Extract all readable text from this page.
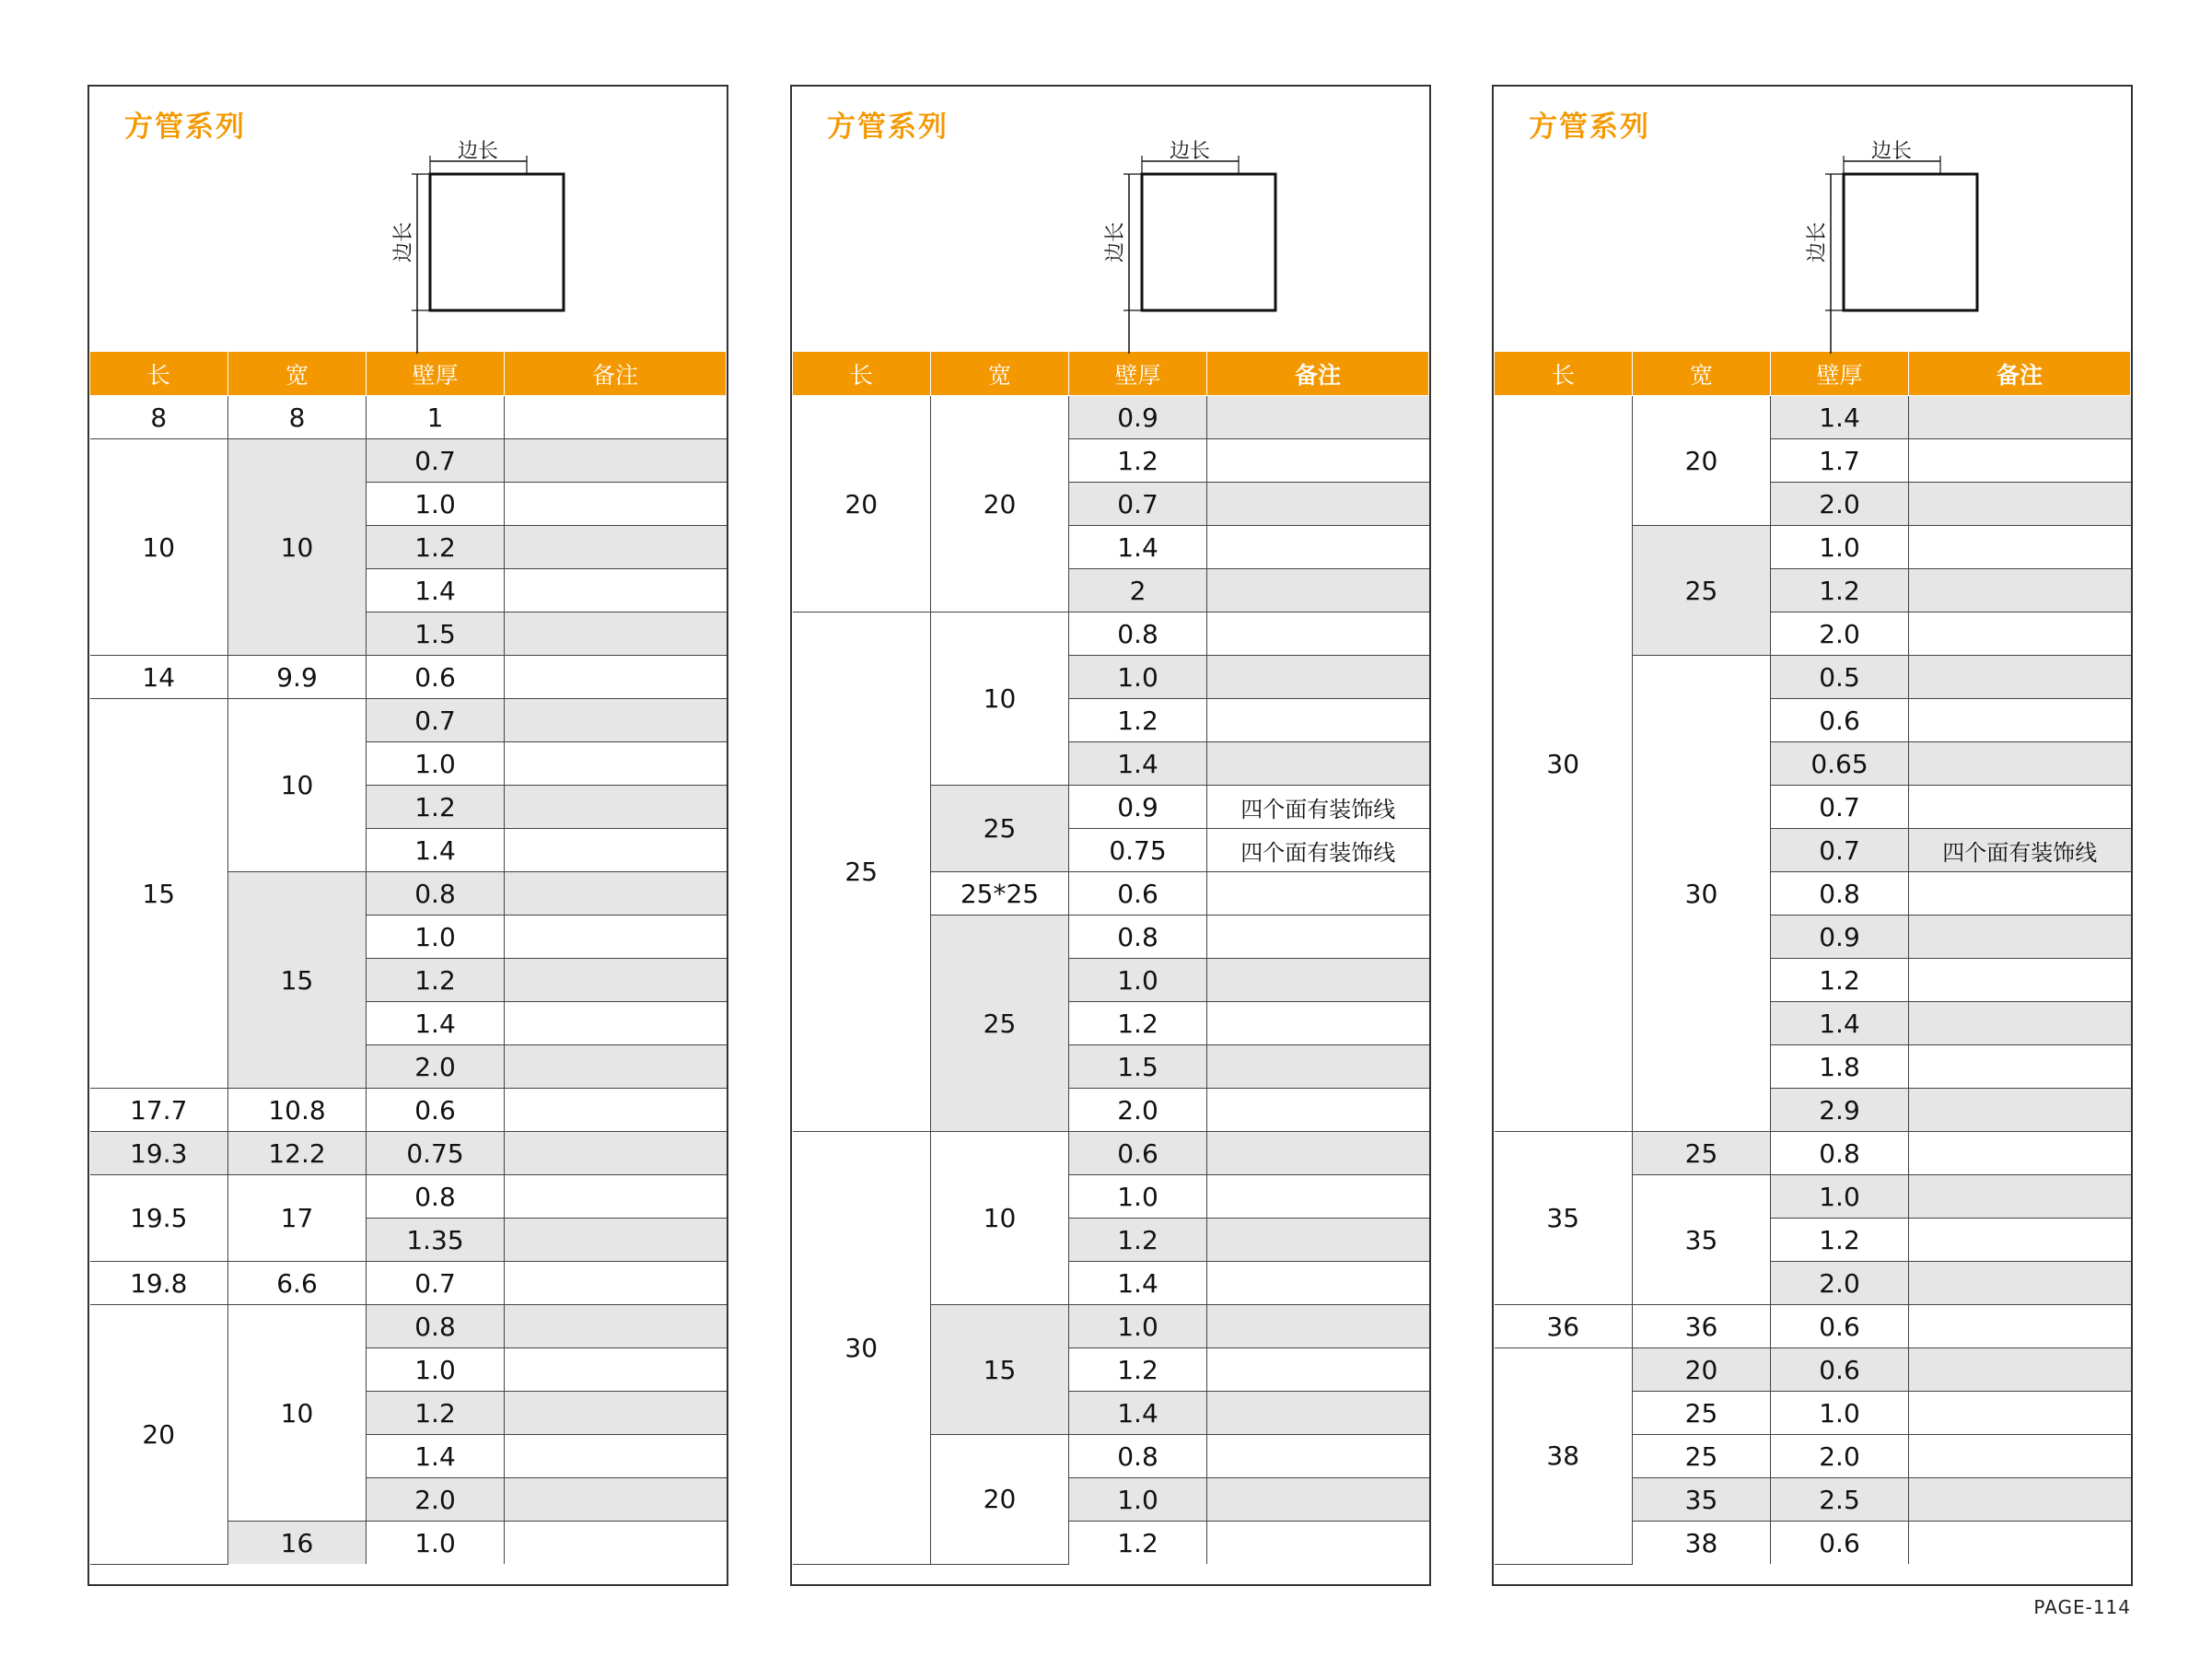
方管系列
边长
边长
长	宽	壁厚	备注
8	8	1	
10	10	0.7	
		1.0	
		1.2	
		1.4	
		1.5	
14	9.9	0.6	
15	10	0.7	
		1.0	
		1.2	
		1.4	
	15	0.8	
		1.0	
		1.2	
		1.4	
		2.0	
17.7	10.8	0.6	
19.3	12.2	0.75	
19.5	17	0.8	
		1.35	
19.8	6.6	0.7	
20	10	0.8	
		1.0	
		1.2	
		1.4	
		2.0	
	16	1.0	
方管系列
边长
边长
长	宽	壁厚	备注
20	20	0.9	
		1.2	
		0.7	
		1.4	
		2	
25	10	0.8	
		1.0	
		1.2	
		1.4	
	25	0.9	四个面有装饰线
		0.75	四个面有装饰线
	25*25	0.6	
	25	0.8	
		1.0	
		1.2	
		1.5	
		2.0	
30	10	0.6	
		1.0	
		1.2	
		1.4	
	15	1.0	
		1.2	
		1.4	
	20	0.8	
		1.0	
		1.2	
方管系列
边长
边长
长	宽	壁厚	备注
30	20	1.4	
		1.7	
		2.0	
	25	1.0	
		1.2	
		2.0	
	30	0.5	
		0.6	
		0.65	
		0.7	
		0.7	四个面有装饰线
		0.8	
		0.9	
		1.2	
		1.4	
		1.8	
		2.9	
35	25	0.8	
	35	1.0	
		1.2	
		2.0	
36	36	0.6	
38	20	0.6	
	25	1.0	
	25	2.0	
	35	2.5	
	38	0.6	
PAGE-114
